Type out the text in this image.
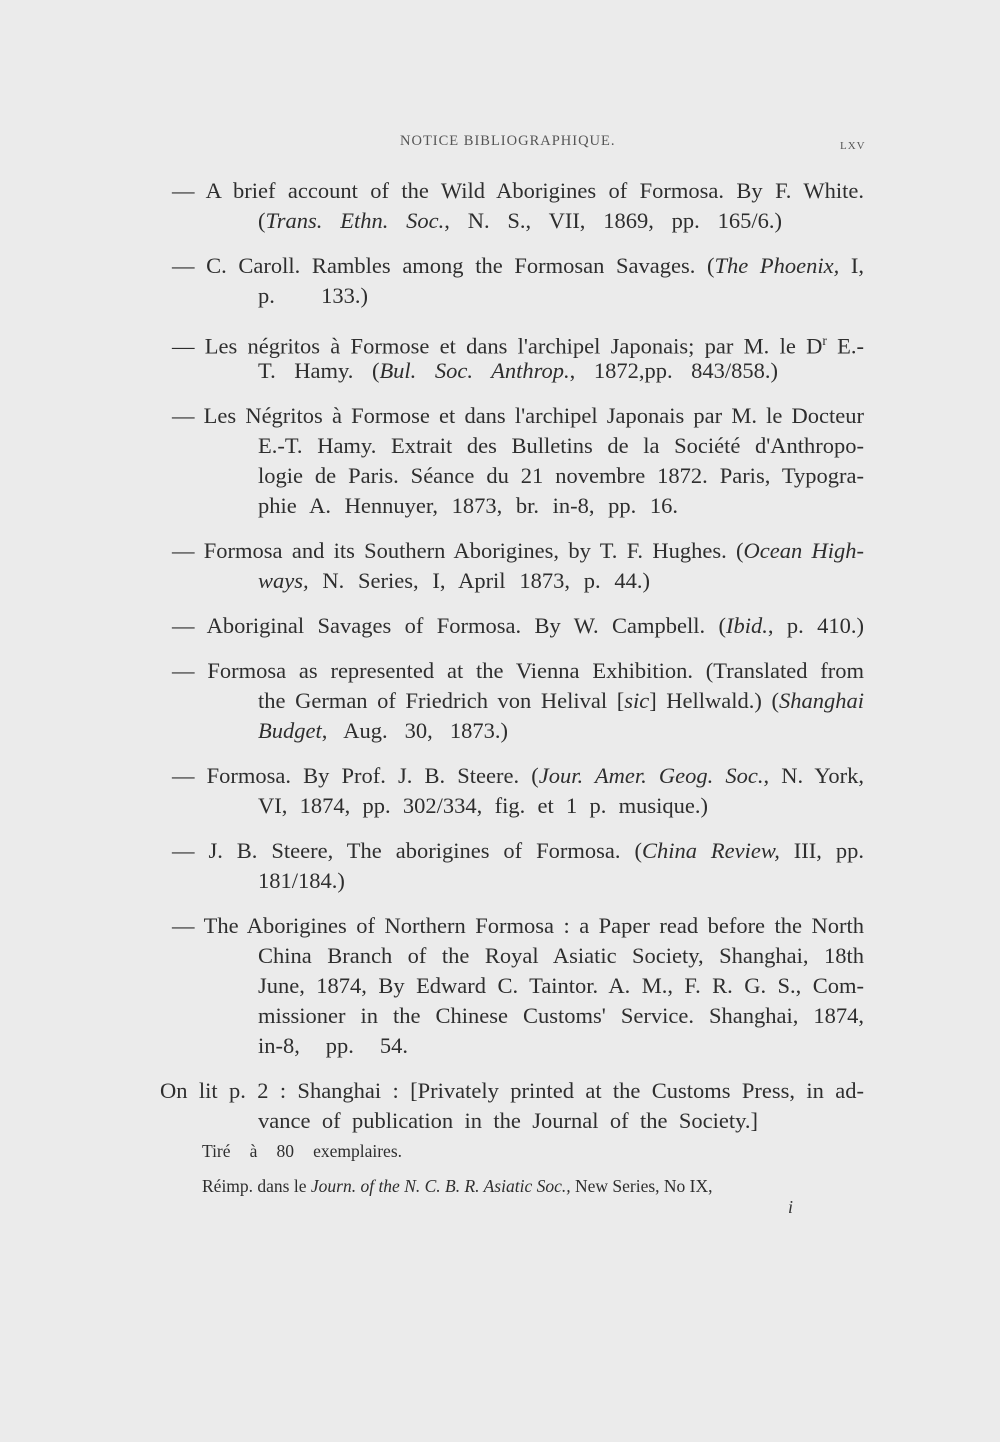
NOTICE BIBLIOGRAPHIQUE.	LXV
— A brief account of the Wild Aborigines of Formosa. By F. White.
(Trans. Ethn. Soc., N. S., VII, 1869, pp. 165/6.)
— C. Caroll. Rambles among the Formosan Savages. (The Phoenix, I,
p. 133.)
— Les négritos à Formose et dans l'archipel Japonais; par M. le $D^r$ E.-
T. Hamy. (Bul. Soc. Anthrop., 1872,pp. 843/858.)
— Les Négritos à Formose et dans l'archipel Japonais par M. le Docteur
E.-T. Hamy. Extrait des Bulletins de la Société d'Anthropo-
logie de Paris. Séance du 21 novembre 1872. Paris, Typogra-
phie A. Hennuyer, 1873, br. in-8, pp. 16.
— Formosa and its Southern Aborigines, by T. F. Hughes. (Ocean High-
ways, N. Series, I, April 1873, p. 44.)
— Aboriginal Savages of Formosa. By W. Campbell. (Ibid., p. 410.)
— Formosa as represented at the Vienna Exhibition. (Translated from
the German of Friedrich von Helival [sic] Hellwald.) (Shanghai
Budget, Aug. 30, 1873.)
— Formosa. By Prof. J. B. Steere. (Jour. Amer. Geog. Soc., N. York,
VI, 1874, pp. 302/334, fig. et 1 p. musique.)
— J. B. Steere, The aborigines of Formosa. (China Review, III, pp.
181/184.)
— The Aborigines of Northern Formosa : a Paper read before the North
China Branch of the Royal Asiatic Society, Shanghai, 18th
June, 1874, By Edward C. Taintor. A. M., F. R. G. S., Com-
missioner in the Chinese Customs' Service. Shanghai, 1874,
in-8, pp. 54.
On lit p. 2 : Shanghai : [Privately printed at the Customs Press, in ad-
vance of publication in the Journal of the Society.]
Tiré à 80 exemplaires.
Réimp. dans le Journ. of the N. C. B. R. Asiatic Soc., New Series, No IX,
i
